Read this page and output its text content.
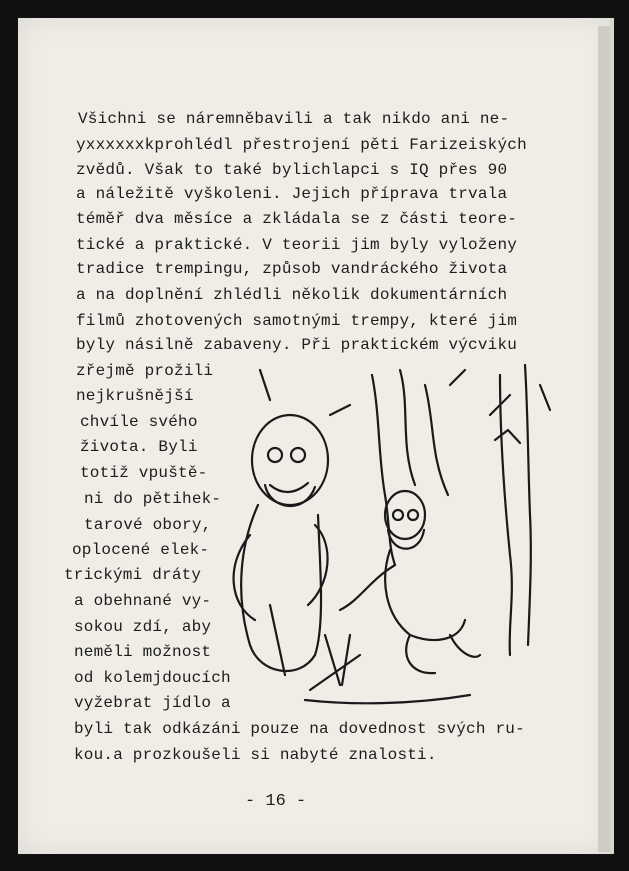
Všichni se náremněbavili a tak nikdo ani ne-
yxxxxxxkprohlédl přestrojení pěti Farizeiských
zvědů. Však to také bylichlapci s IQ přes 90
a náležitě vyškoleni. Jejich příprava trvala
téměř dva měsíce a zkládala se z části teore-
tické a praktické. V teorii jim byly vyloženy
tradice trempingu, způsob vandráckého života
a na doplnění zhlédli několik dokumentárních
filmů zhotovených samotnými trempy, které jim
byly násilně zabaveny. Při praktickém výcviku
zřejmě prožili
nejkrušnější
chvíle svého
života. Byli
totiž vpuště-
ni do pětihek-
tarové obory,
oplocené elek-
trickými dráty
a obehnané vy-
sokou zdí, aby
neměli možnost
od kolemjdoucích
vyžebrat jídlo a
byli tak odkázáni pouze na dovednost svých ru-
kou.a prozkoušeli si nabyté znalosti.
- 16 -
